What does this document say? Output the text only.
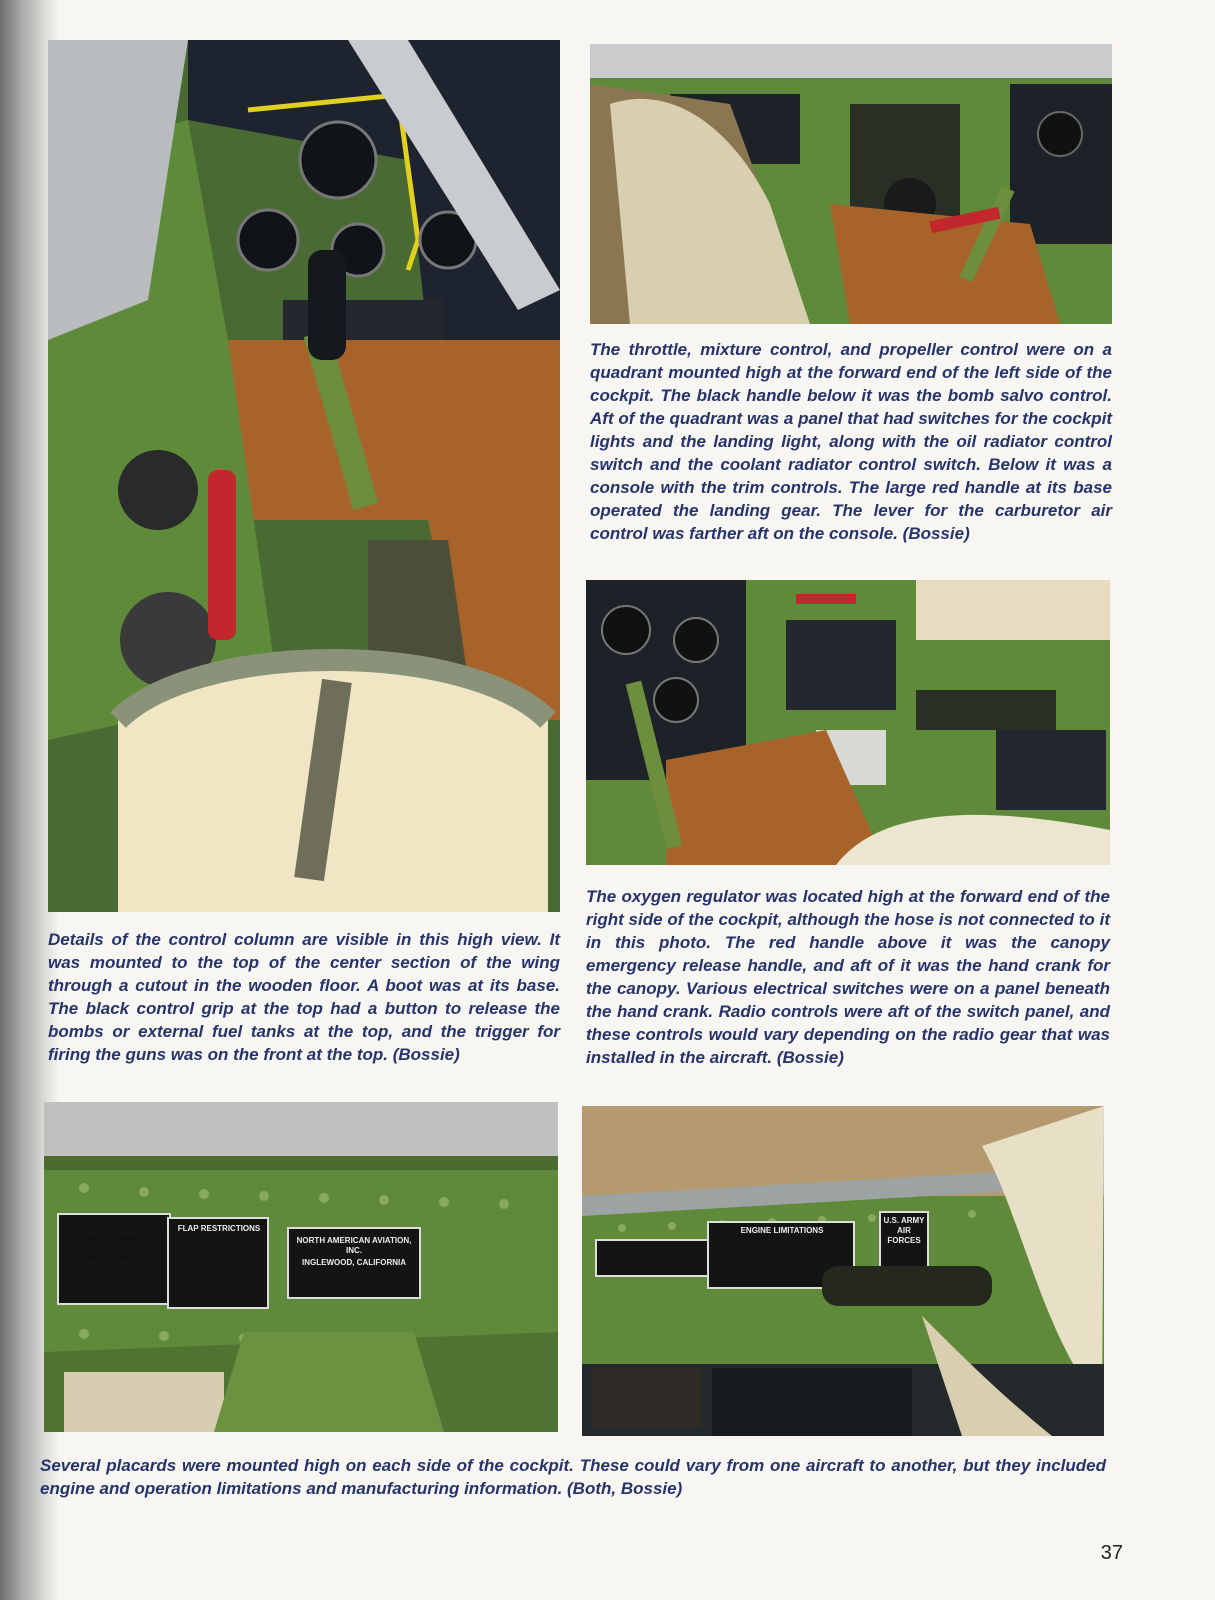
The throttle, mixture control, and propeller control were on a quadrant mounted high at the forward end of the left side of the cockpit. The black handle below it was the bomb salvo control. Aft of the quadrant was a panel that had switches for the cockpit lights and the landing light, along with the oil radiator control switch and the coolant radiator control switch. Below it was a console with the trim controls. The large red handle at its base operated the landing gear. The lever for the carburetor air control was farther aft on the console. (Bossie)

Details of the control column are visible in this high view. It was mounted to the top of the center section of the wing through a cutout in the wooden floor. A boot was at its base. The black control grip at the top had a button to release the bombs or external fuel tanks at the top, and the trigger for firing the guns was on the front at the top. (Bossie)

The oxygen regulator was located high at the forward end of the right side of the cockpit, although the hose is not connected to it in this photo. The red handle above it was the canopy emergency release handle, and aft of it was the hand crank for the canopy. Various electrical switches were on a panel beneath the hand crank. Radio controls were aft of the switch panel, and these controls would vary depending on the radio gear that was installed in the aircraft. (Bossie)

MAX DIVING SPEED 505 I A S · MAX DIVING RPM. 3240 · DO NOT LOWER LANDING GEAR ABOVE 170 IAS.
FLAP RESTRICTIONS
NORTH AMERICAN AVIATION, INC.
INGLEWOOD, CALIFORNIA
ENGINE LIMITATIONS
U.S. ARMY AIR FORCES

Several placards were mounted high on each side of the cockpit. These could vary from one aircraft to another, but they included engine and operation limitations and manufacturing information. (Both, Bossie)

37
